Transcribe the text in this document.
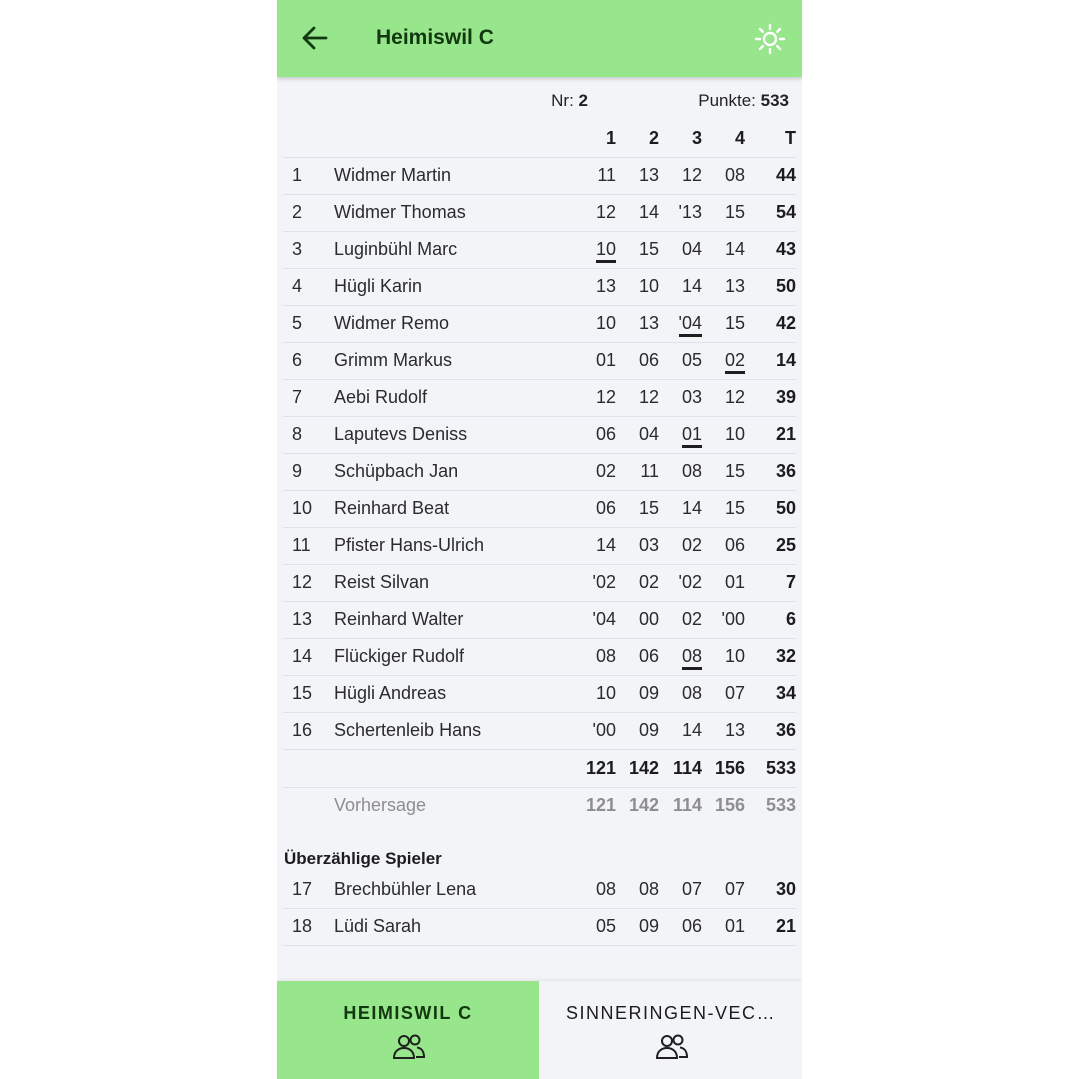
Heimiswil C
Nr: 2	Punkte: 533
1 2 3 4 T
1 Widmer Martin	11 13 12 08 44
2 Widmer Thomas	12 14 '13 15 54
3 Luginbühl Marc	10 15 04 14 43
4 Hügli Karin	13 10 14 13 50
5 Widmer Remo	10 13 '04 15 42
6 Grimm Markus	01 06 05 02 14
7 Aebi Rudolf	12 12 03 12 39
8 Laputevs Deniss	06 04 01 10 21
9 Schüpbach Jan	02 11 08 15 36
10 Reinhard Beat	06 15 14 15 50
11 Pfister Hans-Ulrich	14 03 02 06 25
12 Reist Silvan	'02 02 '02 01 7
13 Reinhard Walter	'04 00 02 '00 6
14 Flückiger Rudolf	08 06 08 10 32
15 Hügli Andreas	10 09 08 07 34
16 Schertenleib Hans	'00 09 14 13 36
121 142 114 156 533
Vorhersage	121 142 114 156 533
Überzählige Spieler
17 Brechbühler Lena	08 08 07 07 30
18 Lüdi Sarah	05 09 06 01 21
HEIMISWIL C	SINNERINGEN-VEC…
